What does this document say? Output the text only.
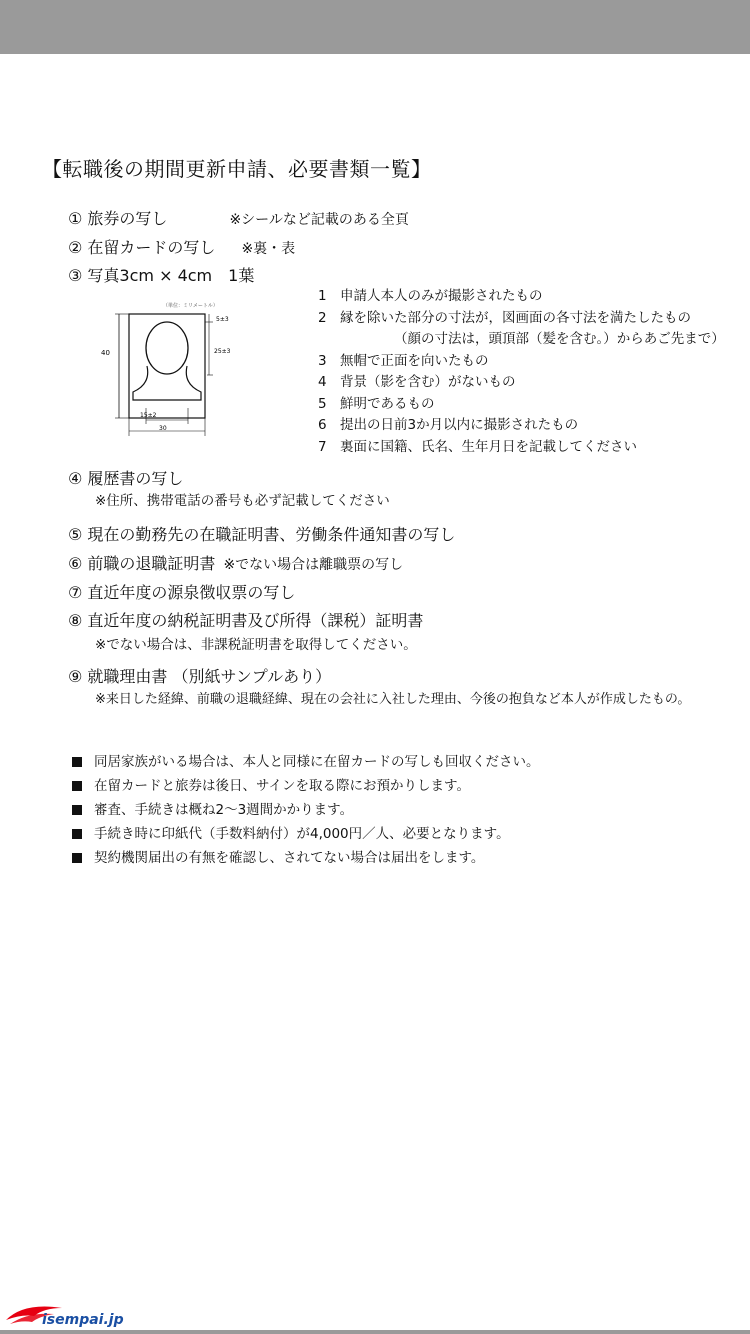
【転職後の期間更新申請、必要書類一覧】
① 旅券の写し	※シールなど記載のある全頁
② 在留カードの写し ※裏・表
③ 写真3cm × 4cm　1葉
（単位：ミリメートル）
40
5±3
25±3
15±2
30
1 申請人本人のみが撮影されたもの
2 縁を除いた部分の寸法が，図画面の各寸法を満たしたもの
（顔の寸法は，頭頂部（髪を含む。）からあご先まで）
3 無帽で正面を向いたもの
4 背景（影を含む）がないもの
5 鮮明であるもの
6 提出の日前3か月以内に撮影されたもの
7 裏面に国籍、氏名、生年月日を記載してください
④ 履歴書の写し
※住所、携帯電話の番号も必ず記載してください
⑤ 現在の勤務先の在職証明書、労働条件通知書の写し
⑥ 前職の退職証明書 ※でない場合は離職票の写し
⑦ 直近年度の源泉徴収票の写し
⑧ 直近年度の納税証明書及び所得（課税）証明書
※でない場合は、非課税証明書を取得してください。
⑨ 就職理由書 （別紙サンプルあり）
※来日した経緯、前職の退職経緯、現在の会社に入社した理由、今後の抱負など本人が作成したもの。
同居家族がいる場合は、本人と同様に在留カードの写しも回収ください。
在留カードと旅券は後日、サインを取る際にお預かりします。
審査、手続きは概ね2～3週間かかります。
手続き時に印紙代（手数料納付）が4,000円／人、必要となります。
契約機関届出の有無を確認し、されてない場合は届出をします。
isempai.jp
